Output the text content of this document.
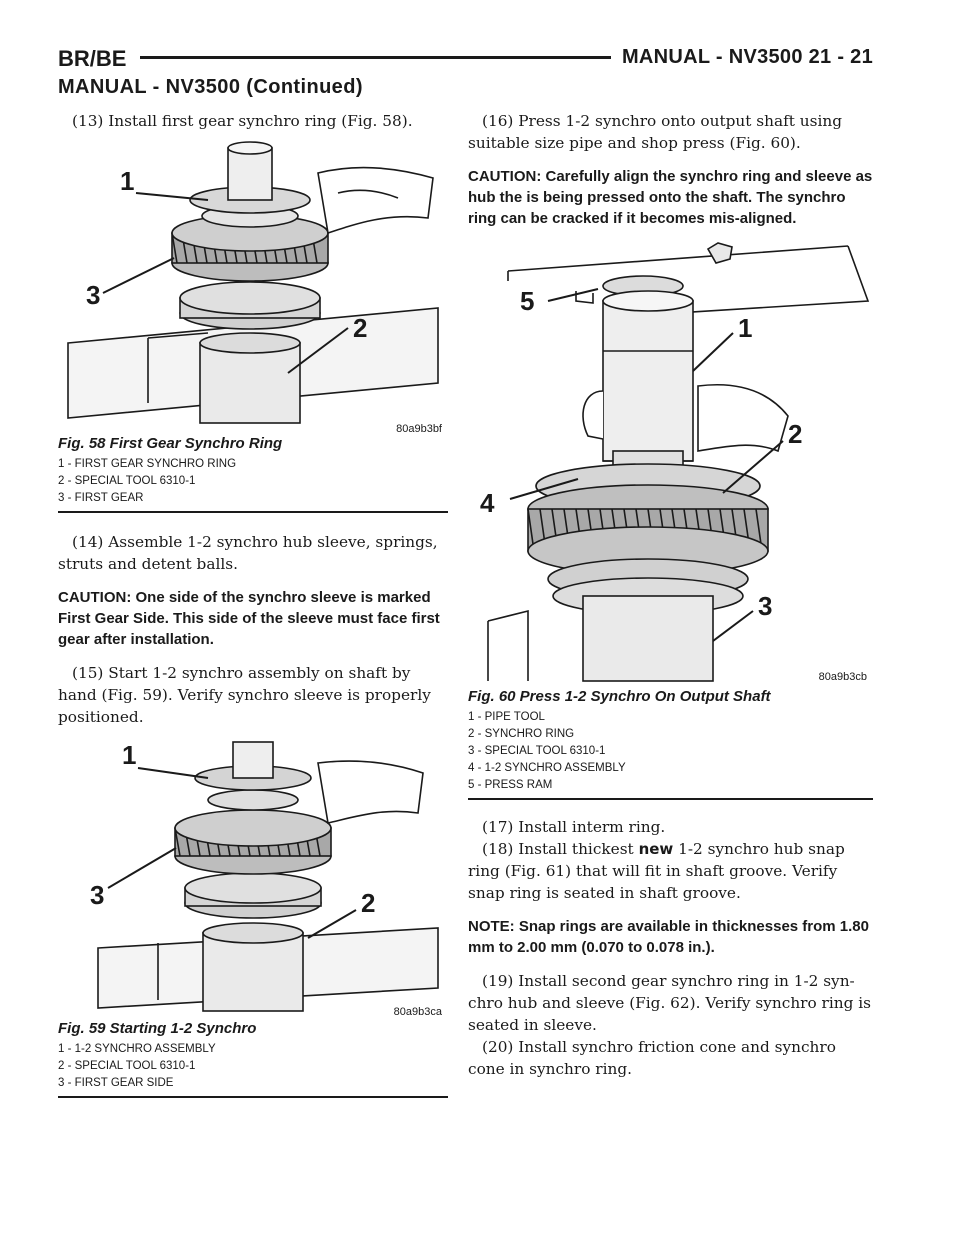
BR/BE	MANUAL - NV3500 21 - 21
MANUAL - NV3500 (Continued)

(13) Install first gear synchro ring (Fig. 58).

1
3
2
80a9b3bf
Fig. 58 First Gear Synchro Ring
1 - FIRST GEAR SYNCHRO RING
2 - SPECIAL TOOL 6310-1
3 - FIRST GEAR

(14) Assemble 1-2 synchro hub sleeve, springs, struts and detent balls.

CAUTION: One side of the synchro sleeve is marked First Gear Side. This side of the sleeve must face first gear after installation.

(15) Start 1-2 synchro assembly on shaft by hand (Fig. 59). Verify synchro sleeve is properly positioned.

1
3	2
80a9b3ca
Fig. 59 Starting 1-2 Synchro
1 - 1-2 SYNCHRO ASSEMBLY
2 - SPECIAL TOOL 6310-1
3 - FIRST GEAR SIDE

(16) Press 1-2 synchro onto output shaft using suitable size pipe and shop press (Fig. 60).

CAUTION: Carefully align the synchro ring and sleeve as hub the is being pressed onto the shaft. The synchro ring can be cracked if it becomes mis-aligned.

5
1
2
4
3
80a9b3cb
Fig. 60 Press 1-2 Synchro On Output Shaft
1 - PIPE TOOL
2 - SYNCHRO RING
3 - SPECIAL TOOL 6310-1
4 - 1-2 SYNCHRO ASSEMBLY
5 - PRESS RAM

(17) Install interm ring.

(18) Install thickest new 1-2 synchro hub snap ring (Fig. 61) that will fit in shaft groove. Verify snap ring is seated in shaft groove.

NOTE: Snap rings are available in thicknesses from 1.80 mm to 2.00 mm (0.070 to 0.078 in.).

(19) Install second gear synchro ring in 1-2 syn-chro hub and sleeve (Fig. 62). Verify synchro ring is seated in sleeve.

(20) Install synchro friction cone and synchro cone in synchro ring.
